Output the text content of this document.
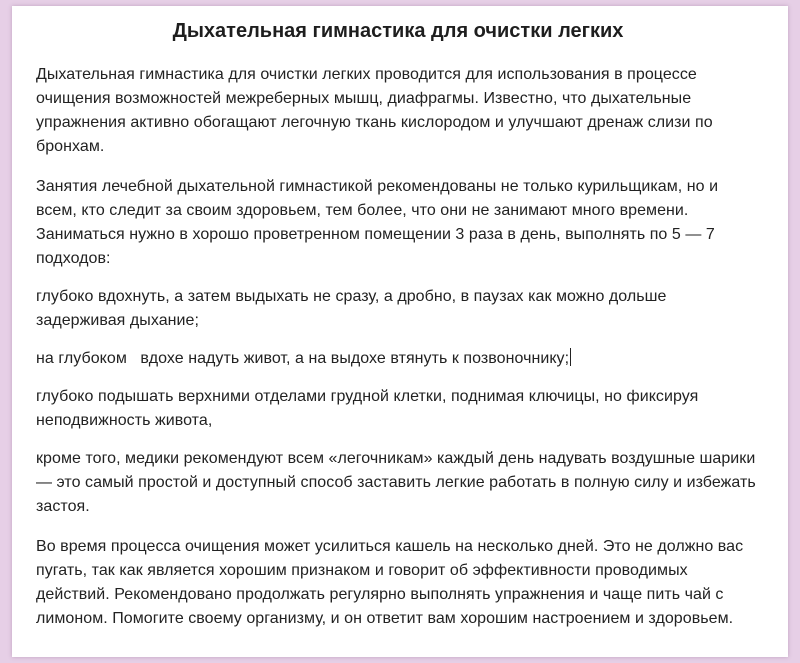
Дыхательная гимнастика для очистки легких

Дыхательная гимнастика для очистки легких проводится для использования в процессе очищения возможностей межреберных мышц, диафрагмы. Известно, что дыхательные упражнения активно обогащают легочную ткань кислородом и улучшают дренаж слизи по бронхам.

Занятия лечебной дыхательной гимнастикой рекомендованы не только курильщикам, но и всем, кто следит за своим здоровьем, тем более, что они не занимают много времени. Заниматься нужно в хорошо проветренном помещении 3 раза в день, выполнять по 5 — 7 подходов:

глубоко вдохнуть, а затем выдыхать не сразу, а дробно, в паузах как можно дольше задерживая дыхание;

на глубоком   вдохе надуть живот, а на выдохе втянуть к позвоночнику;

глубоко подышать верхними отделами грудной клетки, поднимая ключицы, но фиксируя неподвижность живота,

кроме того, медики рекомендуют всем «легочникам» каждый день надувать воздушные шарики — это самый простой и доступный способ заставить легкие работать в полную силу и избежать застоя.

Во время процесса очищения может усилиться кашель на несколько дней. Это не должно вас пугать, так как является хорошим признаком и говорит об эффективности проводимых действий. Рекомендовано продолжать регулярно выполнять упражнения и чаще пить чай с лимоном. Помогите своему организму, и он ответит вам хорошим настроением и здоровьем.
